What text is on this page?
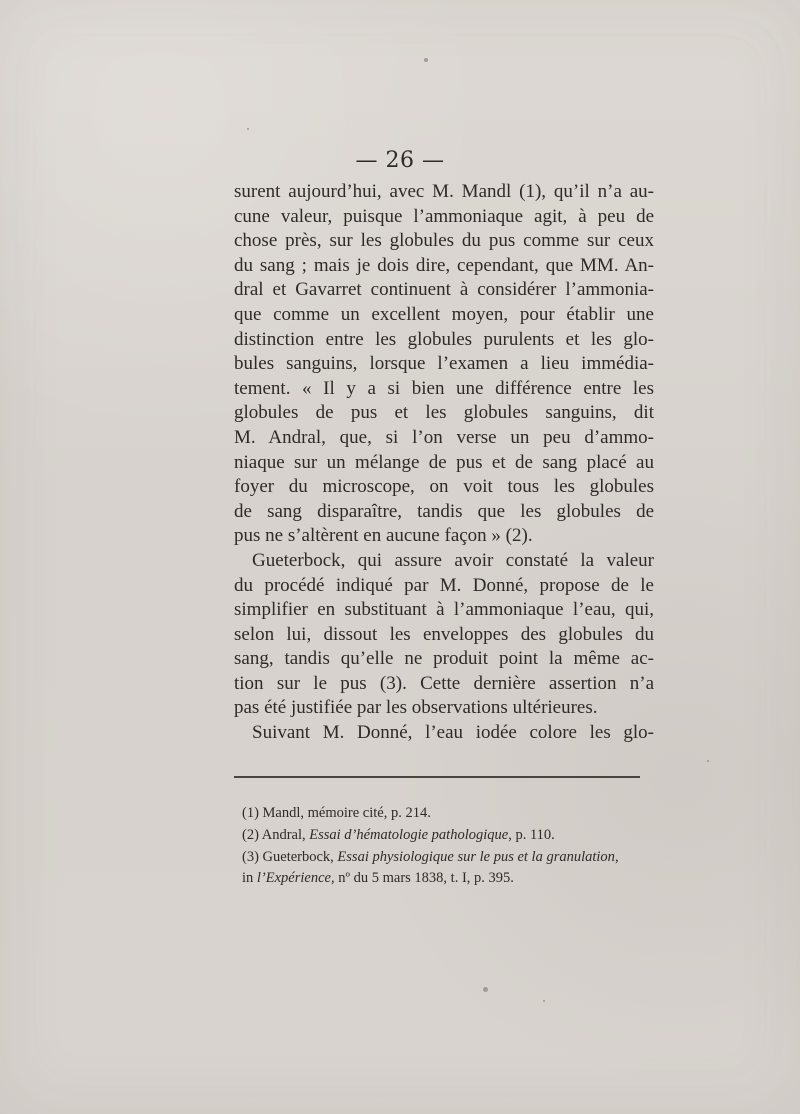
— 26 —
surent aujourd’hui, avec M. Mandl (1), qu’il n’a au-
cune valeur, puisque l’ammoniaque agit, à peu de
chose près, sur les globules du pus comme sur ceux
du sang ; mais je dois dire, cependant, que MM. An-
dral et Gavarret continuent à considérer l’ammonia-
que comme un excellent moyen, pour établir une
distinction entre les globules purulents et les glo-
bules sanguins, lorsque l’examen a lieu immédia-
tement. « Il y a si bien une différence entre les
globules de pus et les globules sanguins, dit
M. Andral, que, si l’on verse un peu d’ammo-
niaque sur un mélange de pus et de sang placé au
foyer du microscope, on voit tous les globules
de sang disparaître, tandis que les globules de
pus ne s’altèrent en aucune façon » (2).
Gueterbock, qui assure avoir constaté la valeur
du procédé indiqué par M. Donné, propose de le
simplifier en substituant à l’ammoniaque l’eau, qui,
selon lui, dissout les enveloppes des globules du
sang, tandis qu’elle ne produit point la même ac-
tion sur le pus (3). Cette dernière assertion n’a
pas été justifiée par les observations ultérieures.
Suivant M. Donné, l’eau iodée colore les glo-
(1) Mandl, mémoire cité, p. 214.
(2) Andral, Essai d’hématologie pathologique, p. 110.
(3) Gueterbock, Essai physiologique sur le pus et la granulation,
in l’Expérience, nº du 5 mars 1838, t. I, p. 395.
